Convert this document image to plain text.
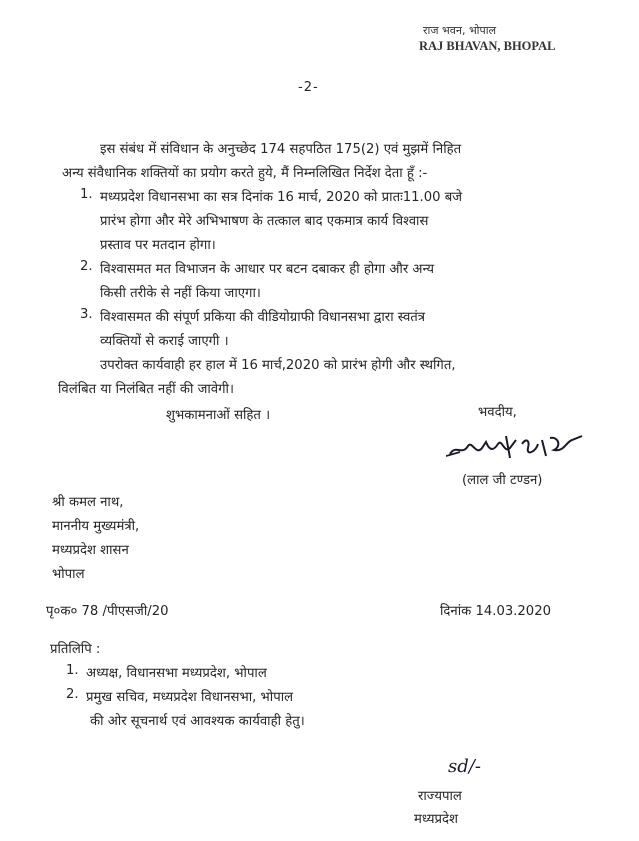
राज भवन, भोपाल
RAJ BHAVAN, BHOPAL
-2-
इस संबंध में संविधान के अनुच्छेद 174 सहपठित 175(2) एवं मुझमें निहित
अन्य संवैधानिक शक्तियों का प्रयोग करते हुये, मैं निम्नलिखित निर्देश देता हूँ :-
1. मध्यप्रदेश विधानसभा का सत्र दिनांक 16 मार्च, 2020 को प्रातः11.00 बजे
प्रारंभ होगा और मेरे अभिभाषण के तत्काल बाद एकमात्र कार्य विश्वास
प्रस्ताव पर मतदान होगा।
2. विश्वासमत मत विभाजन के आधार पर बटन दबाकर ही होगा और अन्य
किसी तरीके से नहीं किया जाएगा।
3. विश्वासमत की संपूर्ण प्रकिया की वीडियोग्राफी विधानसभा द्वारा स्वतंत्र
व्यक्तियों से कराई जाएगी ।
उपरोक्त कार्यवाही हर हाल में 16 मार्च,2020 को प्रारंभ होगी और स्थगित,
विलंबित या निलंबित नहीं की जावेगी।
शुभकामनाओं सहित ।	भवदीय,
(लाल जी टण्डन)
श्री कमल नाथ,
माननीय मुख्यमंत्री,
मध्यप्रदेश शासन
भोपाल
पृ०क० 78 /पीएसजी/20	दिनांक 14.03.2020
प्रतिलिपि :
1. अध्यक्ष, विधानसभा मध्यप्रदेश, भोपाल
2. प्रमुख सचिव, मध्यप्रदेश विधानसभा, भोपाल
की ओर सूचनार्थ एवं आवश्यक कार्यवाही हेतु।
sd/-
राज्यपाल
मध्यप्रदेश
